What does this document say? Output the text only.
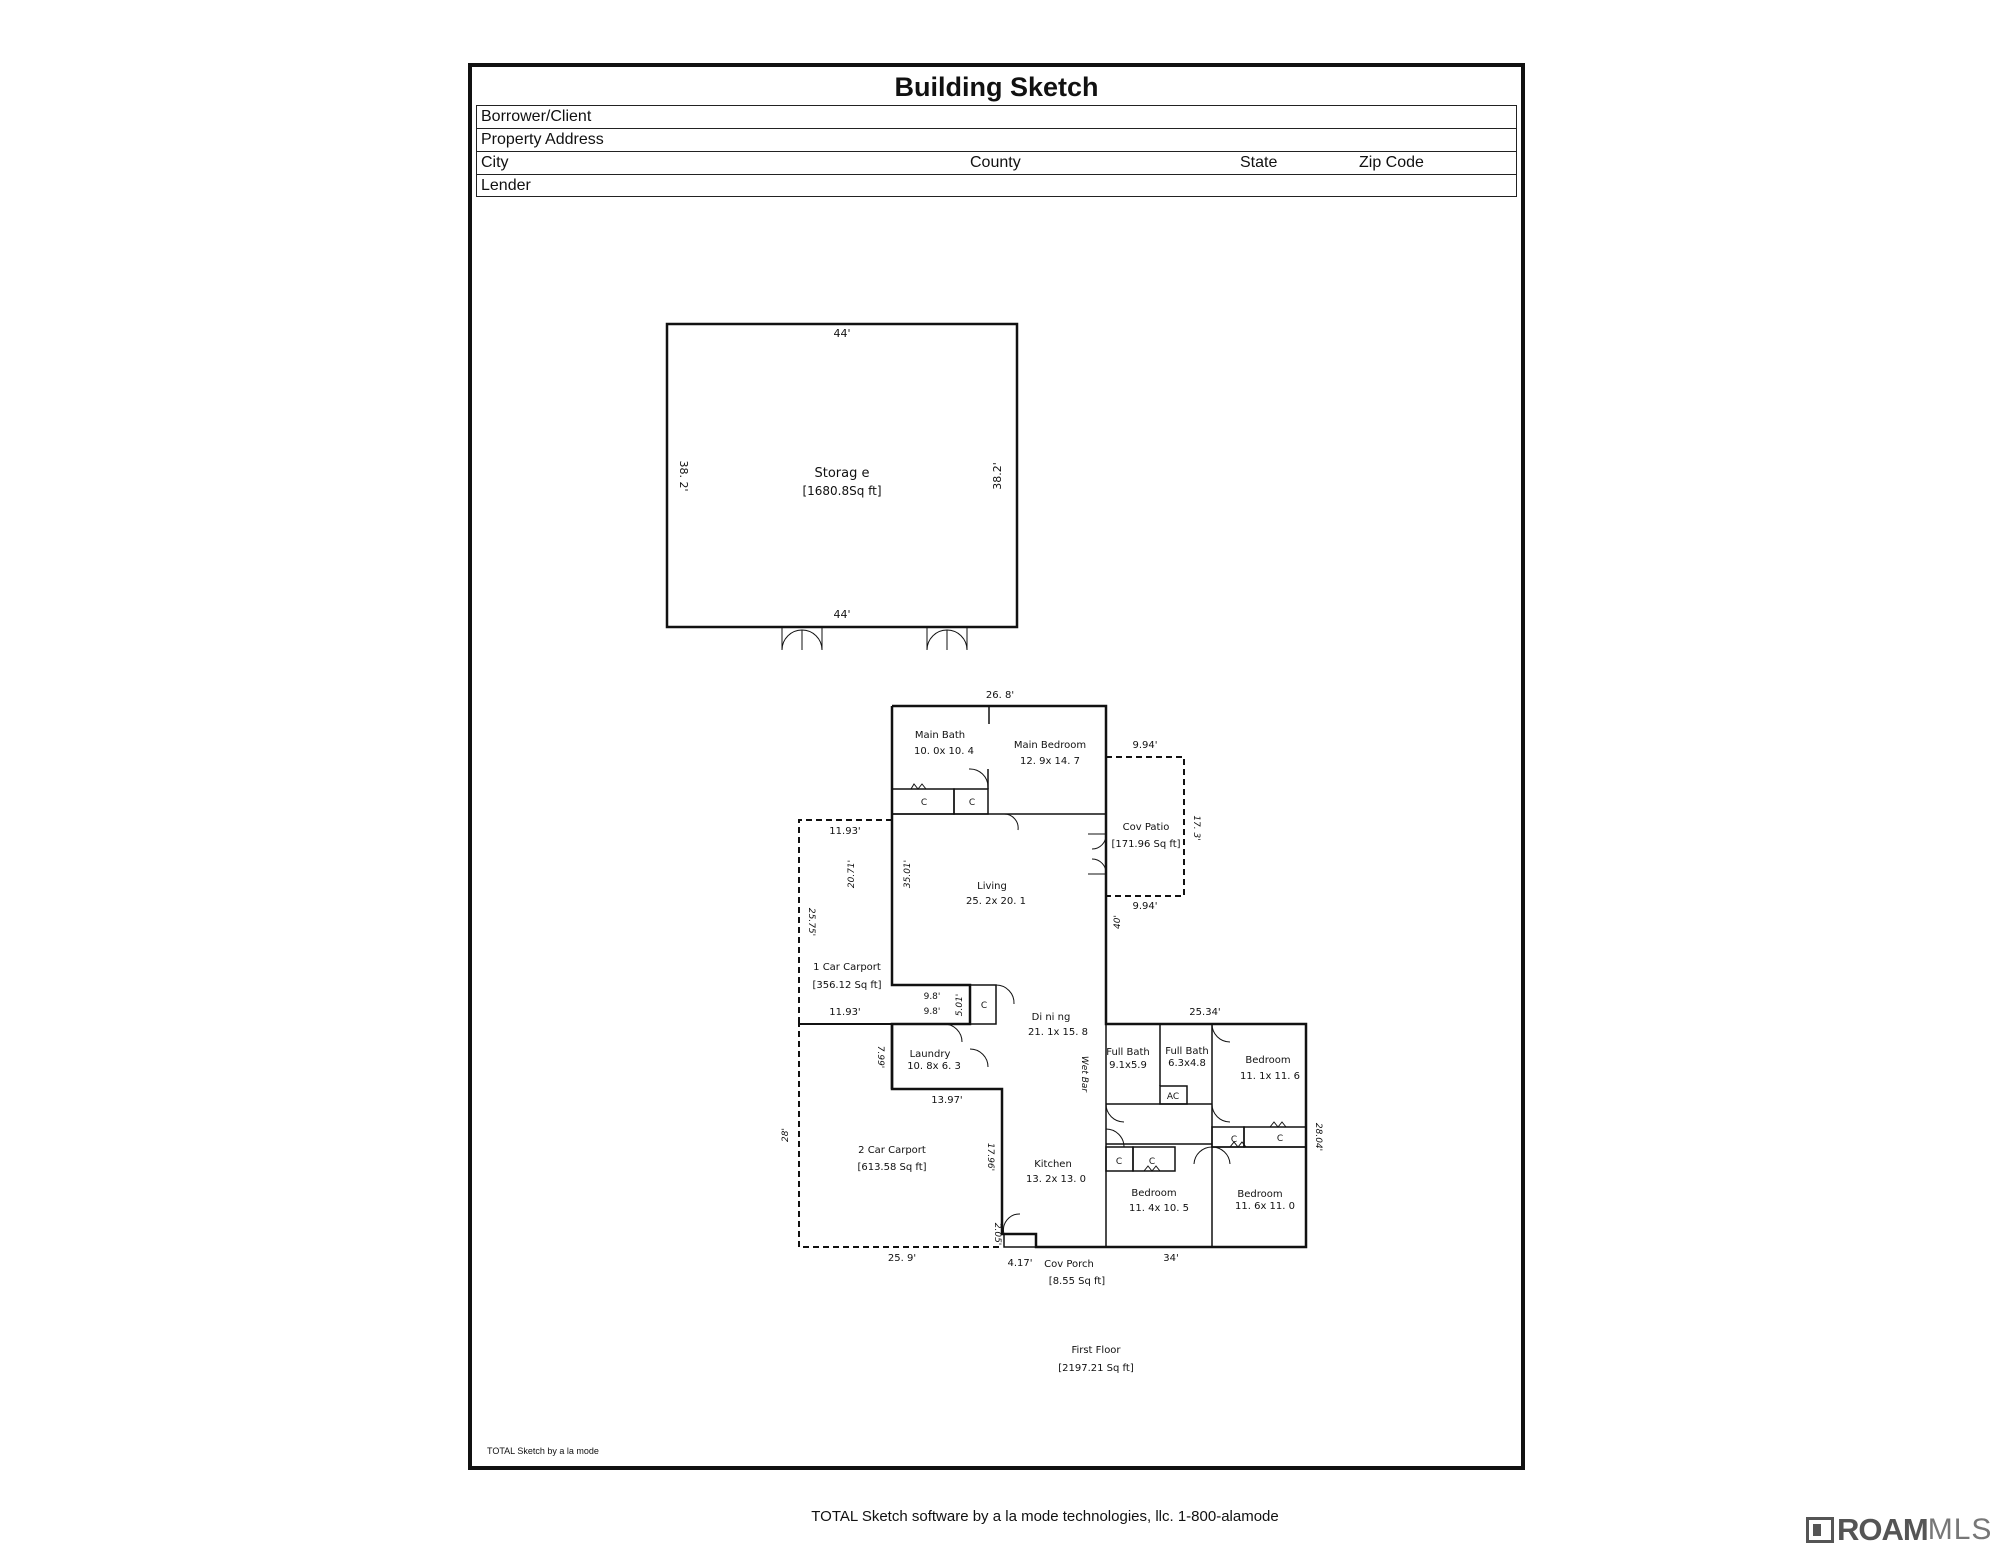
Building Sketch
Borrower/Client
Property Address
City	County	State	Zip Code
Lender
44'
44'
38. 2'	38.2'
Storag e
[1680.8Sq ft]
Main Bath
10. 0x 10. 4
Main Bedroom
12. 9x 14. 7
C	C
Cov Patio
[171.96 Sq ft]
Living
25. 2x 20. 1
1 Car Carport
[356.12 Sq ft]
C
Di ni ng
21. 1x 15. 8
Laundry
10. 8x 6. 3	Wet Bar
Full Bath
9.1x5.9
Full Bath
6.3x4.8	Bedroom
11. 1x 11. 6
AC
2 Car Carport
[613.58 Sq ft]
C	C
C	C
Kitchen
13. 2x 13. 0
Bedroom
11. 4x 10. 5
Bedroom
11. 6x 11. 0
Cov Porch
[8.55 Sq ft]
26. 8'
9.94'
9.94'
17. 3'
11.93'
20.71'
25.75'
35.01'
40'
9.8'
9.8' 5.01'
11.93'	25.34'
7.99'
13.97'
28'
17.96'
28.04'
2.05'
25. 9'	4.17'	34'
First Floor
[2197.21 Sq ft]
TOTAL Sketch by a la mode
TOTAL Sketch software by a la mode technologies, llc. 1-800-alamode	ROAM MLS
